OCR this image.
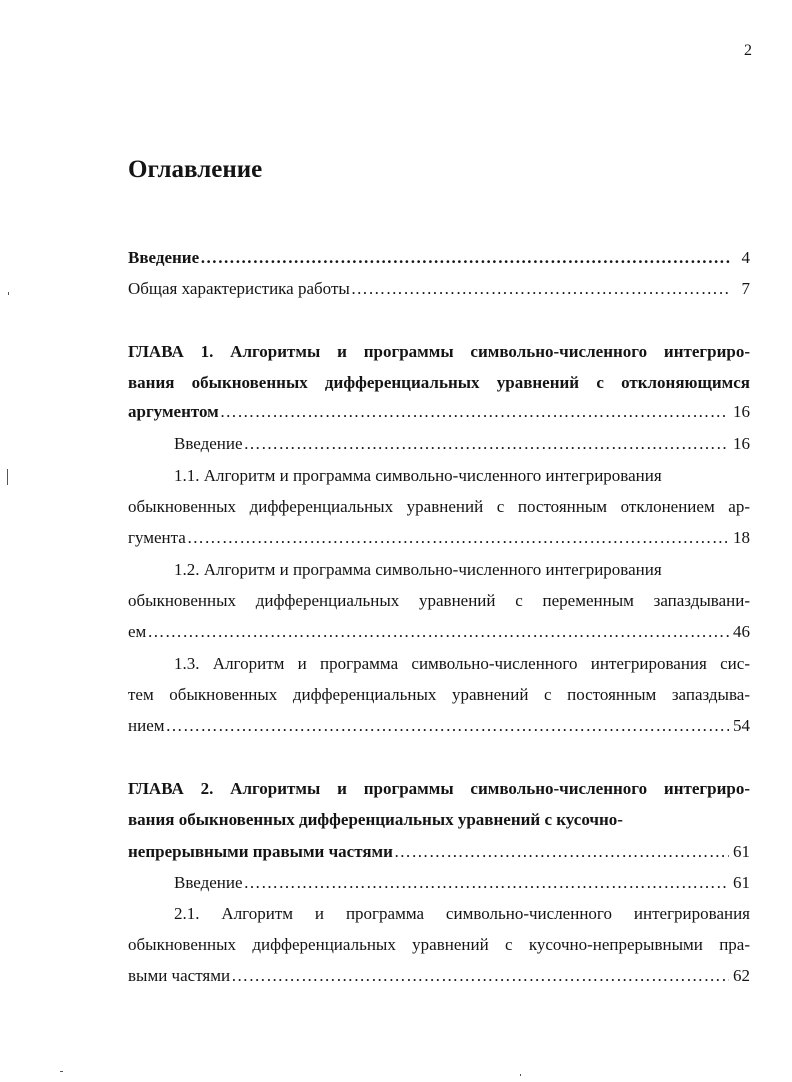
2
Оглавление
Введение ………………………………………………………………………………………………………………………………………………………………………………………………………	4
Общая характеристика работы ………………………………………………………………………………………………………………………………………………………………………………………………………	7
ГЛАВА 1. Алгоритмы и программы символьно-численного интегриро-
вания обыкновенных дифференциальных уравнений с отклоняющимся
аргументом ………………………………………………………………………………………………………………………………………………………………………………………………………	16
Введение ………………………………………………………………………………………………………………………………………………………………………………………………………	16
1.1. Алгоритм и программа символьно-численного интегрирования
обыкновенных дифференциальных уравнений с постоянным отклонением ар-
гумента ………………………………………………………………………………………………………………………………………………………………………………………………………	18
1.2. Алгоритм и программа символьно-численного интегрирования
обыкновенных дифференциальных уравнений с переменным запаздывани-
ем ………………………………………………………………………………………………………………………………………………………………………………………………………	46
1.3. Алгоритм и программа символьно-численного интегрирования сис-
тем обыкновенных дифференциальных уравнений с постоянным запаздыва-
нием ………………………………………………………………………………………………………………………………………………………………………………………………………	54
ГЛАВА 2. Алгоритмы и программы символьно-численного интегриро-
вания обыкновенных дифференциальных уравнений с кусочно-
непрерывными правыми частями ………………………………………………………………………………………………………………………………………………………………………………………………………	61
Введение ………………………………………………………………………………………………………………………………………………………………………………………………………	61
2.1. Алгоритм и программа символьно-численного интегрирования
обыкновенных дифференциальных уравнений с кусочно-непрерывными пра-
выми частями ………………………………………………………………………………………………………………………………………………………………………………………………………	62
